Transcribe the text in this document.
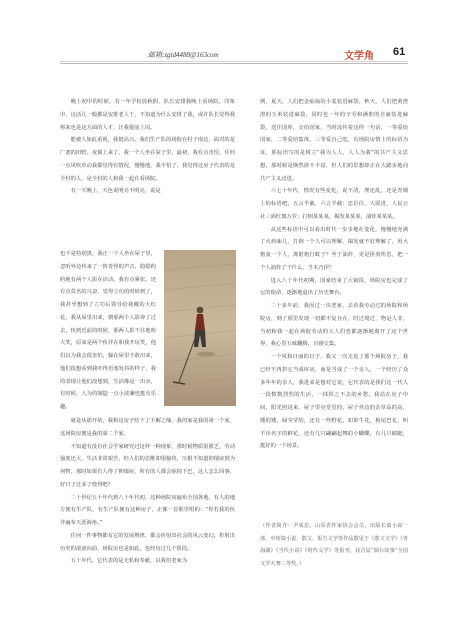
邮箱:zgtd4488@163com	文学角 61

晚上初中的时候，有一年学校放秋假，队长安排我晚上看场院。印象中，这活儿一般都是安排老人干，不知道为什么安排了我，或许队长觉得我将来也是这方面的人才，让我提前上岗。

能被人如此重视，我挺高兴。我们生产队的场院在村子南边，面对的是广袤的田野。夜幕上来了，我一个人坐在屋子里，最初，我有点害怕，任何一点风吹草动我都觉得有情况，慢慢地，我不怕了，我觉得这房子代表的是全村的人，是全村的人和我一起在看场院。

有一天晚上，天色说明亮不明亮，说是

也不是特别黑，我正一个人坐在屋子里，忽听外边传来了一阵奇怪的声音，隐隐约约地有两个人影在活动。我有点紧张，还有点莫名的兴奋，觉得立功的时候到了，我甚至想到了立功后领导给我戴的大红花，我从屋里出来，朝那两个人影奔了过去，快到近前的时候，那两人影不住地哈大笑，原来是两个伙伴在和我开玩笑，他们以为我会很害怕，躲在屋里不敢出来，他们很想看到我吓得语塞发抖的样子，我的表现让他们没想到，生活像是一出水，有时候，人为的制造一点小波澜也挺有乐趣。

就是从那开始，我和这房子结下了不解之缘，我的家是我的第一个家，这场院房便是我的第二个家。

不知道有没有社会学家研究过这样一种现象，那时候物质很匮乏，劳动强度还大，生活非常艰苦，但人们的思维却很愉快，压根不知道抑郁症到为何物，那时如果有人得了抑郁症，所有的人都会惊掉下巴，这人怎么回事，好日子过多了烧得吧？

二十世纪五十年代到八十年代初，这种场院房遍布全国各地，有人的地方便有生产队，有生产队便有这种房子，正像一首歌里唱的：“你若我的伙伴遍布天涯海角。”

任何一件事物都有它的发展规律，都会折射出社会的风云变幻，折射出历史的滚滚向前，场院房也是如此，也经历过几个阶段。

五十年代，它代表的是无私和奉献，以我们老家为

例，夏天，人们把金灿灿的小麦装进麻袋，秋天，人们把黄澄澄的玉米装进麻袋，同时也一年的辛劳和满腔的自豪装进麻袋，送往国库，交给国家，当时流传着这样一句话，一等爱给国家，二等爱给集体，三等爱自己吃，有场院房情上的标语为证，那标语写的是树立“我为人人，人人为我”的共产主义思想，那时候是焕然挤不丰富，但人们的思想却正在大踏步地向共产主义迈进。

六七十年代，情况有些变化，说不清，理还乱，还是青墙上的标语吧，五言半截，六言半截：忠臣往，大联进，人民公社三面红旗万岁；打倒某某某，揭发某某某，油炸某某某。

从这些标语中可以看出时代一步步地在变化，慢慢地充满了火药味儿，打倒一个人可以理解，揭发就不好理解了，用大炮轰一个人，离射炮打蚊子？至于油炸，更是匪夷所思，把一个人油炸了干什么，当木乃伊？

进入八十年代初期，国家结束了大锅饭，场院房也完成了它的使命，逐渐地退出了历史舞台。

二十多年前，我因过一次老家，去看我劳动过的场院和场院房，到了那里发现一切都不复存在，时过境迁，物是人非，当初和我一起在场院劳动的大人们也都逐渐地离开了这个世界，我心里五味翻腾，百感交集。

一个风和日丽的日子，我又一次走进了那个场院房子，我已经不再担它当成库房，而是当成了一个亲人，一个经历了众多年年的亲人，我进来是想对它说，它代表的是我们这一代人一段数数烈烈的生活，一抹挥之不去的乡愁。我站在房子中间，阳光照进来，屋子里亮堂堂的，屋子外边的杂草高的高，矮的矮，绿莹莹的，还有一些野花，如果牛花，狗尾巴花，叫不出名字的鲜花，还有几只翩翩起舞的小蝴蝶，有几只蜻蜓，挺好的一个场景。

（作者简介：尹成思，山东省作家协会会员，出版长篇小说一部，中短篇小说、散文、报告文学等作品散见于《散文文学》《青海湖》《当代小说》《时代文学》等报刊，获首届“烟台故事”全国文学大赛三等奖。）
